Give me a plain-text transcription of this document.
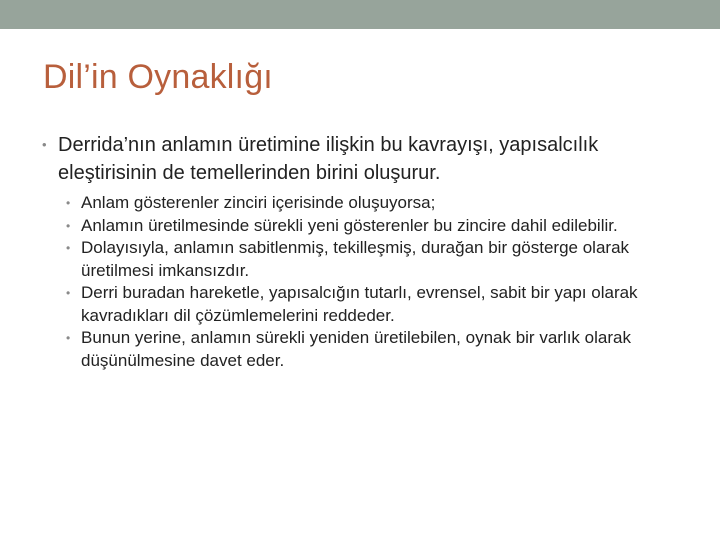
Dil’in Oynaklığı
• Derrida’nın anlamın üretimine ilişkin bu kavrayışı, yapısalcılık eleştirisinin de temellerinden birini oluşurur.
• Anlam gösterenler zinciri içerisinde oluşuyorsa;
• Anlamın üretilmesinde sürekli yeni gösterenler bu zincire dahil edilebilir.
• Dolayısıyla, anlamın sabitlenmiş, tekilleşmiş, durağan bir gösterge olarak üretilmesi imkansızdır.
• Derri buradan hareketle, yapısalcığın tutarlı, evrensel, sabit bir yapı olarak kavradıkları dil çözümlemelerini reddeder.
• Bunun yerine, anlamın sürekli yeniden üretilebilen, oynak bir varlık olarak düşünülmesine davet eder.
